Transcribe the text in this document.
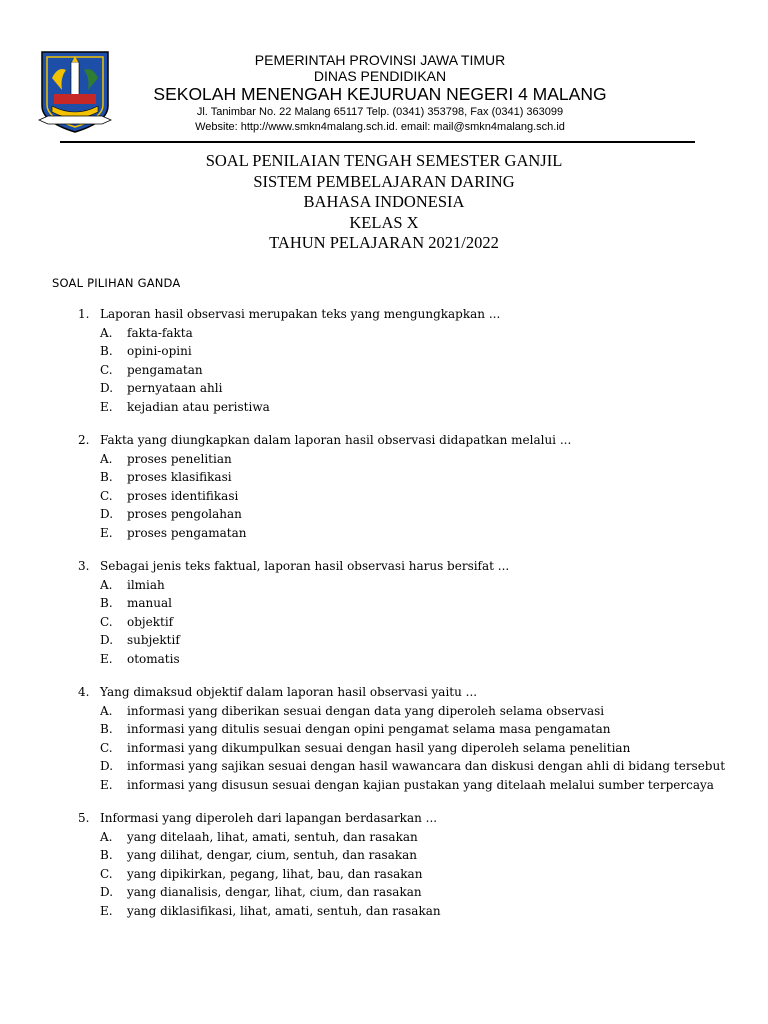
PEMERINTAH PROVINSI JAWA TIMUR
DINAS PENDIDIKAN
SEKOLAH MENENGAH KEJURUAN NEGERI 4 MALANG
Jl. Tanimbar No. 22 Malang 65117 Telp. (0341) 353798, Fax (0341) 363099
Website: http://www.smkn4malang.sch.id. email: mail@smkn4malang.sch.id
SOAL PENILAIAN TENGAH SEMESTER GANJIL
SISTEM PEMBELAJARAN DARING
BAHASA INDONESIA
KELAS X
TAHUN PELAJARAN 2021/2022
SOAL PILIHAN GANDA
1. Laporan hasil observasi merupakan teks yang mengungkapkan ...
A.	fakta-fakta
B.	opini-opini
C.	pengamatan
D.	pernyataan ahli
E.	kejadian atau peristiwa
2. Fakta yang diungkapkan dalam laporan hasil observasi didapatkan melalui ...
A.	proses penelitian
B.	proses klasifikasi
C.	proses identifikasi
D.	proses pengolahan
E.	proses pengamatan
3. Sebagai jenis teks faktual, laporan hasil observasi harus bersifat ...
A.	ilmiah
B.	manual
C.	objektif
D.	subjektif
E.	otomatis
4. Yang dimaksud objektif dalam laporan hasil observasi yaitu ...
A.	informasi yang diberikan sesuai dengan data yang diperoleh selama observasi
B.	informasi yang ditulis sesuai dengan opini pengamat selama masa pengamatan
C.	informasi yang dikumpulkan sesuai dengan hasil yang diperoleh selama penelitian
D.	informasi yang sajikan sesuai dengan hasil wawancara dan diskusi dengan ahli di bidang tersebut
E.	informasi yang disusun sesuai dengan kajian pustakan yang ditelaah melalui sumber terpercaya
5. Informasi yang diperoleh dari lapangan berdasarkan ...
A.	yang ditelaah, lihat, amati, sentuh, dan rasakan
B.	yang dilihat, dengar, cium, sentuh, dan rasakan
C.	yang dipikirkan, pegang, lihat, bau, dan rasakan
D.	yang dianalisis, dengar, lihat, cium, dan rasakan
E.	yang diklasifikasi, lihat, amati, sentuh, dan rasakan
